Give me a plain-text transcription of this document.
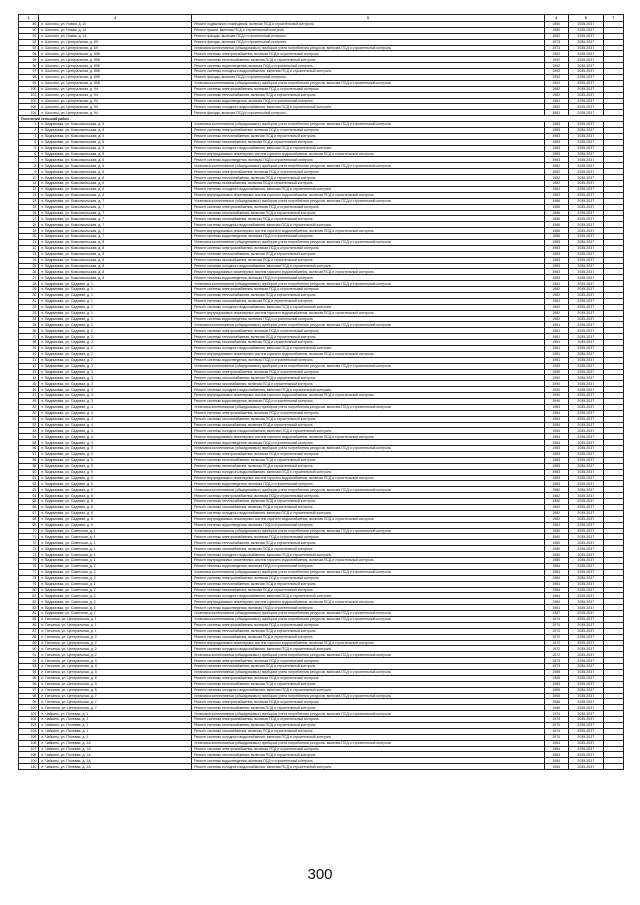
1	2	3	4	5	7
89	п. Шолоны, ул. Новая, д. 10	Ремонт подвального помещения, включая ПСД и строительный контроль	1980	2035-2037	
90	п. Шолоны, ул. Новая, д. 14	Ремонт крыши, включая ПСД и строительный контроль	1980	2035-2037	
91	п. Шолоны, ул. Новая, д. 14	Ремонт фасада, включая ПСД и строительный контроль	1982	2035-2037	
92	п. Шолоны, ул. Центральная, д. 89	Ремонт фасада, включая ПСД и строительный контроль	1973	2035-2037	
93	п. Шолоны, ул. Центральная, д. 89	Установка коллективных (общедомовых) приборов учета потребления ресурсов, включая ПСД и строительный контроль	1973	2035-2037	
94	п. Шолоны, ул. Центральная, д. 89Б	Ремонт системы электроснабжения, включая ПСД и строительный контроль	1992	2035-2037	
95	п. Шолоны, ул. Центральная, д. 89Б	Ремонт системы теплоснабжения, включая ПСД и строительный контроль	1992	2035-2037	
96	п. Шолоны, ул. Центральная, д. 89Б	Ремонт системы водоотведения, включая ПСД и строительный контроль	1992	2035-2037	
97	п. Шолоны, ул. Центральная, д. 89Б	Ремонт системы холодного водоснабжения, включая ПСД и строительный контроль	1992	2035-2037	
98	п. Шолоны, ул. Центральная, д. 89Б	Ремонт фасада, включая ПСД и строительный контроль	1992	2035-2037	
99	п. Шолоны, ул. Центральная, д. 89Б	Установка коллективных (общедомовых) приборов учета потребления ресурсов, включая ПСД и строительный контроль	1992	2035-2037	
100	п. Шолоны, ул. Центральная, д. 94	Ремонт системы электроснабжения, включая ПСД и строительный контроль	1982	2035-2037	
101	п. Шолоны, ул. Центральная, д. 94	Ремонт системы теплоснабжения, включая ПСД и строительный контроль	1982	2035-2037	
102	п. Шолоны, ул. Центральная, д. 94	Ремонт системы водоотведения, включая ПСД и строительный контроль	1982	2035-2037	
103	п. Шолоны, ул. Центральная, д. 94	Ремонт системы холодного водоснабжения, включая ПСД и строительный контроль	1982	2035-2037	
104	п. Шолоны, ул. Центральная, д. 94	Ремонт фасада, включая ПСД и строительный контроль	1982	2035-2037	
Поселений сельский район					
1	п. Вадимовка, ул. Комсомольская, д. 5	Установка коллективных (общедомовых) приборов учета потребления ресурсов, включая ПСД и строительный контроль	1983	2035-2037	
2	п. Вадимовка, ул. Комсомольская, д. 5	Ремонт системы электроснабжения, включая ПСД и строительный контроль	1983	2035-2037	
3	п. Вадимовка, ул. Комсомольская, д. 5	Ремонт системы теплоснабжения, включая ПСД и строительный контроль	1983	2035-2037	
4	п. Вадимовка, ул. Комсомольская, д. 5	Ремонт системы газоснабжения, включая ПСД и строительный контроль	1983	2035-2037	
5	п. Вадимовка, ул. Комсомольская, д. 5	Ремонт системы холодного водоснабжения, включая ПСД и строительный контроль	1983	2035-2037	
6	п. Вадимовка, ул. Комсомольская, д. 5	Ремонт внутридомовых инженерных систем горячего водоснабжения, включая ПСД и строительный контроль	1983	2035-2037	
7	п. Вадимовка, ул. Комсомольская, д. 5	Ремонт системы водоотведения, включая ПСД и строительный контроль	1983	2035-2037	
8	п. Вадимовка, ул. Комсомольская, д. 6	Установка коллективных (общедомовых) приборов учета потребления ресурсов, включая ПСД и строительный контроль	1982	2035-2037	
9	п. Вадимовка, ул. Комсомольская, д. 6	Ремонт системы электроснабжения, включая ПСД и строительный контроль	1982	2035-2037	
10	п. Вадимовка, ул. Комсомольская, д. 6	Ремонт системы теплоснабжения, включая ПСД и строительный контроль	1982	2035-2037	
11	п. Вадимовка, ул. Комсомольская, д. 6	Ремонт системы газоснабжения, включая ПСД и строительный контроль	1982	2035-2037	
12	п. Вадимовка, ул. Комсомольская, д. 6	Ремонт системы холодного водоснабжения, включая ПСД и строительный контроль	1982	2035-2037	
13	п. Вадимовка, ул. Комсомольская, д. 6	Ремонт внутридомовых инженерных систем горячего водоснабжения, включая ПСД и строительный контроль	1982	2035-2037	
14	п. Вадимовка, ул. Комсомольская, д. 7	Установка коллективных (общедомовых) приборов учета потребления ресурсов, включая ПСД и строительный контроль	1986	2035-2037	
15	п. Вадимовка, ул. Комсомольская, д. 7	Ремонт системы электроснабжения, включая ПСД и строительный контроль	1986	2035-2037	
16	п. Вадимовка, ул. Комсомольская, д. 7	Ремонт системы теплоснабжения, включая ПСД и строительный контроль	1986	2035-2037	
17	п. Вадимовка, ул. Комсомольская, д. 7	Ремонт системы газоснабжения, включая ПСД и строительный контроль	1986	2035-2037	
18	п. Вадимовка, ул. Комсомольская, д. 7	Ремонт системы холодного водоснабжения, включая ПСД и строительный контроль	1986	2035-2037	
19	п. Вадимовка, ул. Комсомольская, д. 7	Ремонт внутридомовых инженерных систем горячего водоснабжения, включая ПСД и строительный контроль	1986	2035-2037	
20	п. Вадимовка, ул. Комсомольская, д. 7	Ремонт системы водоотведения, включая ПСД и строительный контроль	1986	2035-2037	
21	п. Вадимовка, ул. Комсомольская, д. 8	Установка коллективных (общедомовых) приборов учета потребления ресурсов, включая ПСД и строительный контроль	1983	2035-2037	
22	п. Вадимовка, ул. Комсомольская, д. 8	Ремонт системы электроснабжения, включая ПСД и строительный контроль	1983	2035-2037	
23	п. Вадимовка, ул. Комсомольская, д. 8	Ремонт системы теплоснабжения, включая ПСД и строительный контроль	1983	2035-2037	
24	п. Вадимовка, ул. Комсомольская, д. 8	Ремонт системы газоснабжения, включая ПСД и строительный контроль	1983	2035-2037	
25	п. Вадимовка, ул. Комсомольская, д. 8	Ремонт системы холодного водоснабжения, включая ПСД и строительный контроль	1983	2035-2037	
26	п. Вадимовка, ул. Комсомольская, д. 8	Ремонт внутридомовых инженерных систем горячего водоснабжения, включая ПСД и строительный контроль	1983	2035-2037	
27	п. Вадимовка, ул. Комсомольская, д. 8	Ремонт системы водоотведения, включая ПСД и строительный контроль	1983	2035-2037	
28	п. Вадимовка, ул. Садовая, д. 1	Установка коллективных (общедомовых) приборов учета потребления ресурсов, включая ПСД и строительный контроль	1982	2035-2037	
29	п. Вадимовка, ул. Садовая, д. 1	Ремонт системы электроснабжения, включая ПСД и строительный контроль	1982	2035-2037	
30	п. Вадимовка, ул. Садовая, д. 1	Ремонт системы теплоснабжения, включая ПСД и строительный контроль	1982	2035-2037	
31	п. Вадимовка, ул. Садовая, д. 1	Ремонт системы газоснабжения, включая ПСД и строительный контроль	1982	2035-2037	
32	п. Вадимовка, ул. Садовая, д. 1	Ремонт системы холодного водоснабжения, включая ПСД и строительный контроль	1982	2035-2037	
33	п. Вадимовка, ул. Садовая, д. 1	Ремонт внутридомовых инженерных систем горячего водоснабжения, включая ПСД и строительный контроль	1982	2035-2037	
34	п. Вадимовка, ул. Садовая, д. 1	Ремонт системы водоотведения, включая ПСД и строительный контроль	1982	2035-2037	
35	п. Вадимовка, ул. Садовая, д. 2	Установка коллективных (общедомовых) приборов учета потребления ресурсов, включая ПСД и строительный контроль	1981	2035-2037	
36	п. Вадимовка, ул. Садовая, д. 2	Ремонт системы электроснабжения, включая ПСД и строительный контроль	1981	2035-2037	
37	п. Вадимовка, ул. Садовая, д. 2	Ремонт системы теплоснабжения, включая ПСД и строительный контроль	1981	2035-2037	
38	п. Вадимовка, ул. Садовая, д. 2	Ремонт системы газоснабжения, включая ПСД и строительный контроль	1981	2035-2037	
39	п. Вадимовка, ул. Садовая, д. 2	Ремонт системы холодного водоснабжения, включая ПСД и строительный контроль	1981	2035-2037	
40	п. Вадимовка, ул. Садовая, д. 2	Ремонт внутридомовых инженерных систем горячего водоснабжения, включая ПСД и строительный контроль	1981	2035-2037	
41	п. Вадимовка, ул. Садовая, д. 2	Ремонт системы водоотведения, включая ПСД и строительный контроль	1981	2035-2037	
42	п. Вадимовка, ул. Садовая, д. 3	Установка коллективных (общедомовых) приборов учета потребления ресурсов, включая ПСД и строительный контроль	1990	2035-2037	
43	п. Вадимовка, ул. Садовая, д. 3	Ремонт системы электроснабжения, включая ПСД и строительный контроль	1990	2035-2037	
44	п. Вадимовка, ул. Садовая, д. 3	Ремонт системы теплоснабжения, включая ПСД и строительный контроль	1990	2035-2037	
45	п. Вадимовка, ул. Садовая, д. 3	Ремонт системы газоснабжения, включая ПСД и строительный контроль	1990	2035-2037	
46	п. Вадимовка, ул. Садовая, д. 3	Ремонт системы холодного водоснабжения, включая ПСД и строительный контроль	1990	2035-2037	
47	п. Вадимовка, ул. Садовая, д. 3	Ремонт внутридомовых инженерных систем горячего водоснабжения, включая ПСД и строительный контроль	1990	2035-2037	
48	п. Вадимовка, ул. Садовая, д. 3	Ремонт системы водоотведения, включая ПСД и строительный контроль	1990	2035-2037	
49	п. Вадимовка, ул. Садовая, д. 4	Установка коллективных (общедомовых) приборов учета потребления ресурсов, включая ПСД и строительный контроль	1984	2035-2037	
50	п. Вадимовка, ул. Садовая, д. 4	Ремонт системы электроснабжения, включая ПСД и строительный контроль	1984	2035-2037	
51	п. Вадимовка, ул. Садовая, д. 4	Ремонт системы теплоснабжения, включая ПСД и строительный контроль	1984	2035-2037	
52	п. Вадимовка, ул. Садовая, д. 4	Ремонт системы газоснабжения, включая ПСД и строительный контроль	1984	2035-2037	
53	п. Вадимовка, ул. Садовая, д. 4	Ремонт системы холодного водоснабжения, включая ПСД и строительный контроль	1984	2035-2037	
54	п. Вадимовка, ул. Садовая, д. 4	Ремонт внутридомовых инженерных систем горячего водоснабжения, включая ПСД и строительный контроль	1984	2035-2037	
55	п. Вадимовка, ул. Садовая, д. 4	Ремонт системы водоотведения, включая ПСД и строительный контроль	1984	2035-2037	
56	п. Вадимовка, ул. Садовая, д. 5	Установка коллективных (общедомовых) приборов учета потребления ресурсов, включая ПСД и строительный контроль	1983	2035-2037	
57	п. Вадимовка, ул. Садовая, д. 5	Ремонт системы электроснабжения, включая ПСД и строительный контроль	1983	2035-2037	
58	п. Вадимовка, ул. Садовая, д. 5	Ремонт системы теплоснабжения, включая ПСД и строительный контроль	1983	2035-2037	
59	п. Вадимовка, ул. Садовая, д. 5	Ремонт системы газоснабжения, включая ПСД и строительный контроль	1983	2035-2037	
60	п. Вадимовка, ул. Садовая, д. 5	Ремонт системы холодного водоснабжения, включая ПСД и строительный контроль	1983	2035-2037	
61	п. Вадимовка, ул. Садовая, д. 5	Ремонт внутридомовых инженерных систем горячего водоснабжения, включая ПСД и строительный контроль	1983	2035-2037	
62	п. Вадимовка, ул. Садовая, д. 5	Ремонт системы водоотведения, включая ПСД и строительный контроль	1983	2035-2037	
63	п. Вадимовка, ул. Садовая, д. 6	Установка коллективных (общедомовых) приборов учета потребления ресурсов, включая ПСД и строительный контроль	1982	2035-2037	
64	п. Вадимовка, ул. Садовая, д. 6	Ремонт системы электроснабжения, включая ПСД и строительный контроль	1982	2035-2037	
65	п. Вадимовка, ул. Садовая, д. 6	Ремонт системы теплоснабжения, включая ПСД и строительный контроль	1982	2035-2037	
66	п. Вадимовка, ул. Садовая, д. 6	Ремонт системы газоснабжения, включая ПСД и строительный контроль	1982	2035-2037	
67	п. Вадимовка, ул. Садовая, д. 6	Ремонт системы холодного водоснабжения, включая ПСД и строительный контроль	1982	2035-2037	
68	п. Вадимовка, ул. Садовая, д. 6	Ремонт внутридомовых инженерных систем горячего водоснабжения, включая ПСД и строительный контроль	1982	2035-2037	
69	п. Вадимовка, ул. Садовая, д. 6	Ремонт системы водоотведения, включая ПСД и строительный контроль	1982	2035-2037	
70	п. Вадимовка, ул. Советская, д. 1	Установка коллективных (общедомовых) приборов учета потребления ресурсов, включая ПСД и строительный контроль	1980	2035-2037	
71	п. Вадимовка, ул. Советская, д. 1	Ремонт системы электроснабжения, включая ПСД и строительный контроль	1980	2035-2037	
72	п. Вадимовка, ул. Советская, д. 1	Ремонт системы теплоснабжения, включая ПСД и строительный контроль	1980	2035-2037	
73	п. Вадимовка, ул. Советская, д. 1	Ремонт системы газоснабжения, включая ПСД и строительный контроль	1980	2035-2037	
74	п. Вадимовка, ул. Советская, д. 1	Ремонт системы холодного водоснабжения, включая ПСД и строительный контроль	1980	2035-2037	
75	п. Вадимовка, ул. Советская, д. 1	Ремонт внутридомовых инженерных систем горячего водоснабжения, включая ПСД и строительный контроль	1980	2035-2037	
76	п. Вадимовка, ул. Советская, д. 2	Ремонт системы водоотведения, включая ПСД и строительный контроль	1984	2035-2037	
77	п. Вадимовка, ул. Советская, д. 2	Установка коллективных (общедомовых) приборов учета потребления ресурсов, включая ПСД и строительный контроль	1984	2035-2037	
78	п. Вадимовка, ул. Советская, д. 2	Ремонт системы электроснабжения, включая ПСД и строительный контроль	1984	2035-2037	
79	п. Вадимовка, ул. Советская, д. 2	Ремонт системы теплоснабжения, включая ПСД и строительный контроль	1984	2035-2037	
80	п. Вадимовка, ул. Советская, д. 2	Ремонт системы газоснабжения, включая ПСД и строительный контроль	1984	2035-2037	
81	п. Вадимовка, ул. Советская, д. 2	Ремонт системы холодного водоснабжения, включая ПСД и строительный контроль	1984	2035-2037	
82	п. Вадимовка, ул. Советская, д. 2	Ремонт внутридомовых инженерных систем горячего водоснабжения, включая ПСД и строительный контроль	1984	2035-2037	
83	п. Вадимовка, ул. Советская, д. 2	Ремонт системы водоотведения, включая ПСД и строительный контроль	1984	2035-2037	
84	п. Вадимовка, ул. Советская, д. 7	Установка коллективных (общедомовых) приборов учета потребления ресурсов, включая ПСД и строительный контроль	1987	2035-2037	
85	п. Гатчинка, ул. Центральная, д. 1	Установка коллективных (общедомовых) приборов учета потребления ресурсов, включая ПСД и строительный контроль	1974	2035-2037	
86	п. Гатчинка, ул. Центральная, д. 1	Ремонт системы электроснабжения, включая ПСД и строительный контроль	1974	2035-2037	
87	п. Гатчинка, ул. Центральная, д. 1	Ремонт системы теплоснабжения, включая ПСД и строительный контроль	1974	2035-2037	
88	п. Гатчинка, ул. Центральная, д. 2	Ремонт системы газоснабжения, включая ПСД и строительный контроль	1972	2035-2037	
89	п. Гатчинка, ул. Центральная, д. 2	Ремонт внутридомовых инженерных систем горячего водоснабжения, включая ПСД и строительный контроль	1972	2035-2037	
90	п. Гатчинка, ул. Центральная, д. 2	Ремонт системы холодного водоснабжения, включая ПСД и строительный контроль	1972	2035-2037	
91	п. Гатчинка, ул. Центральная, д. 2	Установка коллективных (общедомовых) приборов учета потребления ресурсов, включая ПСД и строительный контроль	1972	2035-2037	
92	п. Гатчинка, ул. Центральная, д. 3	Ремонт системы электроснабжения, включая ПСД и строительный контроль	1973	2035-2037	
93	п. Гатчинка, ул. Центральная, д. 3	Ремонт системы теплоснабжения, включая ПСД и строительный контроль	1973	2035-2037	
94	п. Гатчинка, ул. Центральная, д. 5	Установка коллективных (общедомовых) приборов учета потребления ресурсов, включая ПСД и строительный контроль	1965	2035-2037	
95	п. Гатчинка, ул. Центральная, д. 5	Ремонт системы электроснабжения, включая ПСД и строительный контроль	1965	2035-2037	
96	п. Гатчинка, ул. Центральная, д. 5	Ремонт системы теплоснабжения, включая ПСД и строительный контроль	1965	2035-2037	
97	п. Гатчинка, ул. Центральная, д. 5	Ремонт системы холодного водоснабжения, включая ПСД и строительный контроль	1965	2035-2037	
98	п. Гатчинка, ул. Центральная, д. 7	Установка коллективных (общедомовых) приборов учета потребления ресурсов, включая ПСД и строительный контроль	1966	2035-2037	
99	п. Гатчинка, ул. Центральная, д. 7	Ремонт системы электроснабжения, включая ПСД и строительный контроль	1966	2035-2037	
100	п. Гатчинка, ул. Центральная, д. 7	Ремонт системы теплоснабжения, включая ПСД и строительный контроль	1966	2035-2037	
101	п. Чайкино, ул. Полевая, д. 1	Установка коллективных (общедомовых) приборов учета потребления ресурсов, включая ПСД и строительный контроль	1974	2035-2037	
102	п. Чайкино, ул. Полевая, д. 1	Ремонт системы электроснабжения, включая ПСД и строительный контроль	1974	2035-2037	
103	п. Чайкино, ул. Полевая, д. 1	Ремонт системы теплоснабжения, включая ПСД и строительный контроль	1974	2035-2037	
104	п. Чайкино, ул. Полевая, д. 1	Ремонт системы газоснабжения, включая ПСД и строительный контроль	1974	2035-2037	
105	п. Чайкино, ул. Полевая, д. 1	Ремонт системы холодного водоснабжения, включая ПСД и строительный контроль	1974	2035-2037	
106	п. Чайкино, ул. Полевая, д. 1А	Установка коллективных (общедомовых) приборов учета потребления ресурсов, включая ПСД и строительный контроль	1984	2035-2037	
107	п. Чайкино, ул. Полевая, д. 1А	Ремонт системы электроснабжения, включая ПСД и строительный контроль	1984	2035-2037	
108	п. Чайкино, ул. Полевая, д. 1А	Ремонт системы теплоснабжения, включая ПСД и строительный контроль	1984	2035-2037	
109	п. Чайкино, ул. Полевая, д. 1А	Ремонт системы водоотведения, включая ПСД и строительный контроль	1984	2035-2037	
110	п. Чайкино, ул. Полевая, д. 1А	Ремонт системы холодного водоснабжения, включая ПСД и строительный контроль	1984	2035-2037	
300
